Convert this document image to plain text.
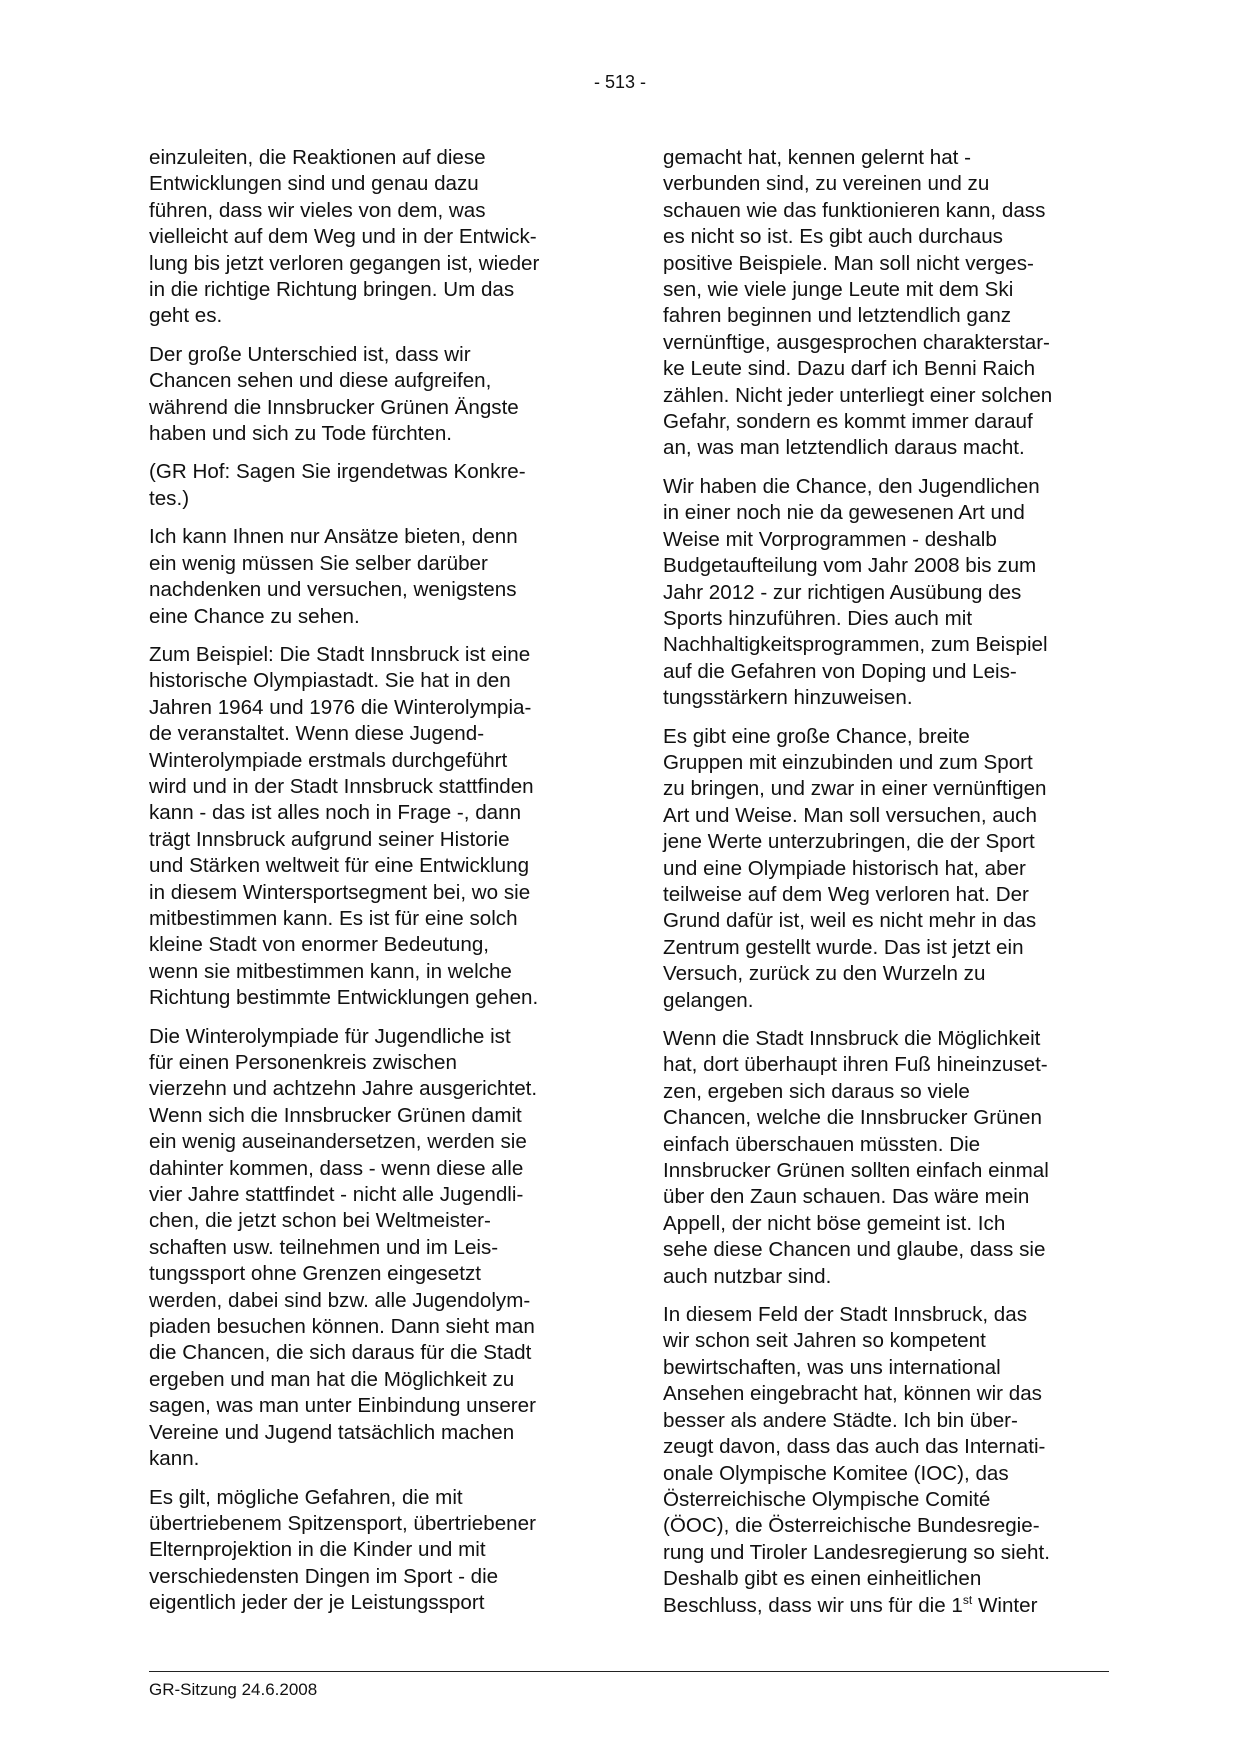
- 513 -

einzuleiten, die Reaktionen auf diese
Entwicklungen sind und genau dazu
führen, dass wir vieles von dem, was
vielleicht auf dem Weg und in der Entwick-
lung bis jetzt verloren gegangen ist, wieder
in die richtige Richtung bringen. Um das
geht es.

Der große Unterschied ist, dass wir
Chancen sehen und diese aufgreifen,
während die Innsbrucker Grünen Ängste
haben und sich zu Tode fürchten.

(GR Hof: Sagen Sie irgendetwas Konkre-
tes.)

Ich kann Ihnen nur Ansätze bieten, denn
ein wenig müssen Sie selber darüber
nachdenken und versuchen, wenigstens
eine Chance zu sehen.

Zum Beispiel: Die Stadt Innsbruck ist eine
historische Olympiastadt. Sie hat in den
Jahren 1964 und 1976 die Winterolympia-
de veranstaltet. Wenn diese Jugend-
Winterolympiade erstmals durchgeführt
wird und in der Stadt Innsbruck stattfinden
kann - das ist alles noch in Frage -, dann
trägt Innsbruck aufgrund seiner Historie
und Stärken weltweit für eine Entwicklung
in diesem Wintersportsegment bei, wo sie
mitbestimmen kann. Es ist für eine solch
kleine Stadt von enormer Bedeutung,
wenn sie mitbestimmen kann, in welche
Richtung bestimmte Entwicklungen gehen.

Die Winterolympiade für Jugendliche ist
für einen Personenkreis zwischen
vierzehn und achtzehn Jahre ausgerichtet.
Wenn sich die Innsbrucker Grünen damit
ein wenig auseinandersetzen, werden sie
dahinter kommen, dass - wenn diese alle
vier Jahre stattfindet - nicht alle Jugendli-
chen, die jetzt schon bei Weltmeister-
schaften usw. teilnehmen und im Leis-
tungssport ohne Grenzen eingesetzt
werden, dabei sind bzw. alle Jugendolym-
piaden besuchen können. Dann sieht man
die Chancen, die sich daraus für die Stadt
ergeben und man hat die Möglichkeit zu
sagen, was man unter Einbindung unserer
Vereine und Jugend tatsächlich machen
kann.

Es gilt, mögliche Gefahren, die mit
übertriebenem Spitzensport, übertriebener
Elternprojektion in die Kinder und mit
verschiedensten Dingen im Sport - die
eigentlich jeder der je Leistungssport

gemacht hat, kennen gelernt hat -
verbunden sind, zu vereinen und zu
schauen wie das funktionieren kann, dass
es nicht so ist. Es gibt auch durchaus
positive Beispiele. Man soll nicht verges-
sen, wie viele junge Leute mit dem Ski
fahren beginnen und letztendlich ganz
vernünftige, ausgesprochen charakterstar-
ke Leute sind. Dazu darf ich Benni Raich
zählen. Nicht jeder unterliegt einer solchen
Gefahr, sondern es kommt immer darauf
an, was man letztendlich daraus macht.

Wir haben die Chance, den Jugendlichen
in einer noch nie da gewesenen Art und
Weise mit Vorprogrammen - deshalb
Budgetaufteilung vom Jahr 2008 bis zum
Jahr 2012 - zur richtigen Ausübung des
Sports hinzuführen. Dies auch mit
Nachhaltigkeitsprogrammen, zum Beispiel
auf die Gefahren von Doping und Leis-
tungsstärkern hinzuweisen.

Es gibt eine große Chance, breite
Gruppen mit einzubinden und zum Sport
zu bringen, und zwar in einer vernünftigen
Art und Weise. Man soll versuchen, auch
jene Werte unterzubringen, die der Sport
und eine Olympiade historisch hat, aber
teilweise auf dem Weg verloren hat. Der
Grund dafür ist, weil es nicht mehr in das
Zentrum gestellt wurde. Das ist jetzt ein
Versuch, zurück zu den Wurzeln zu
gelangen.

Wenn die Stadt Innsbruck die Möglichkeit
hat, dort überhaupt ihren Fuß hineinzuset-
zen, ergeben sich daraus so viele
Chancen, welche die Innsbrucker Grünen
einfach überschauen müssten. Die
Innsbrucker Grünen sollten einfach einmal
über den Zaun schauen. Das wäre mein
Appell, der nicht böse gemeint ist. Ich
sehe diese Chancen und glaube, dass sie
auch nutzbar sind.

In diesem Feld der Stadt Innsbruck, das
wir schon seit Jahren so kompetent
bewirtschaften, was uns international
Ansehen eingebracht hat, können wir das
besser als andere Städte. Ich bin über-
zeugt davon, dass das auch das Internati-
onale Olympische Komitee (IOC), das
Österreichische Olympische Comité
(ÖOC), die Österreichische Bundesregie-
rung und Tiroler Landesregierung so sieht.
Deshalb gibt es einen einheitlichen
Beschluss, dass wir uns für die 1st Winter

GR-Sitzung 24.6.2008
